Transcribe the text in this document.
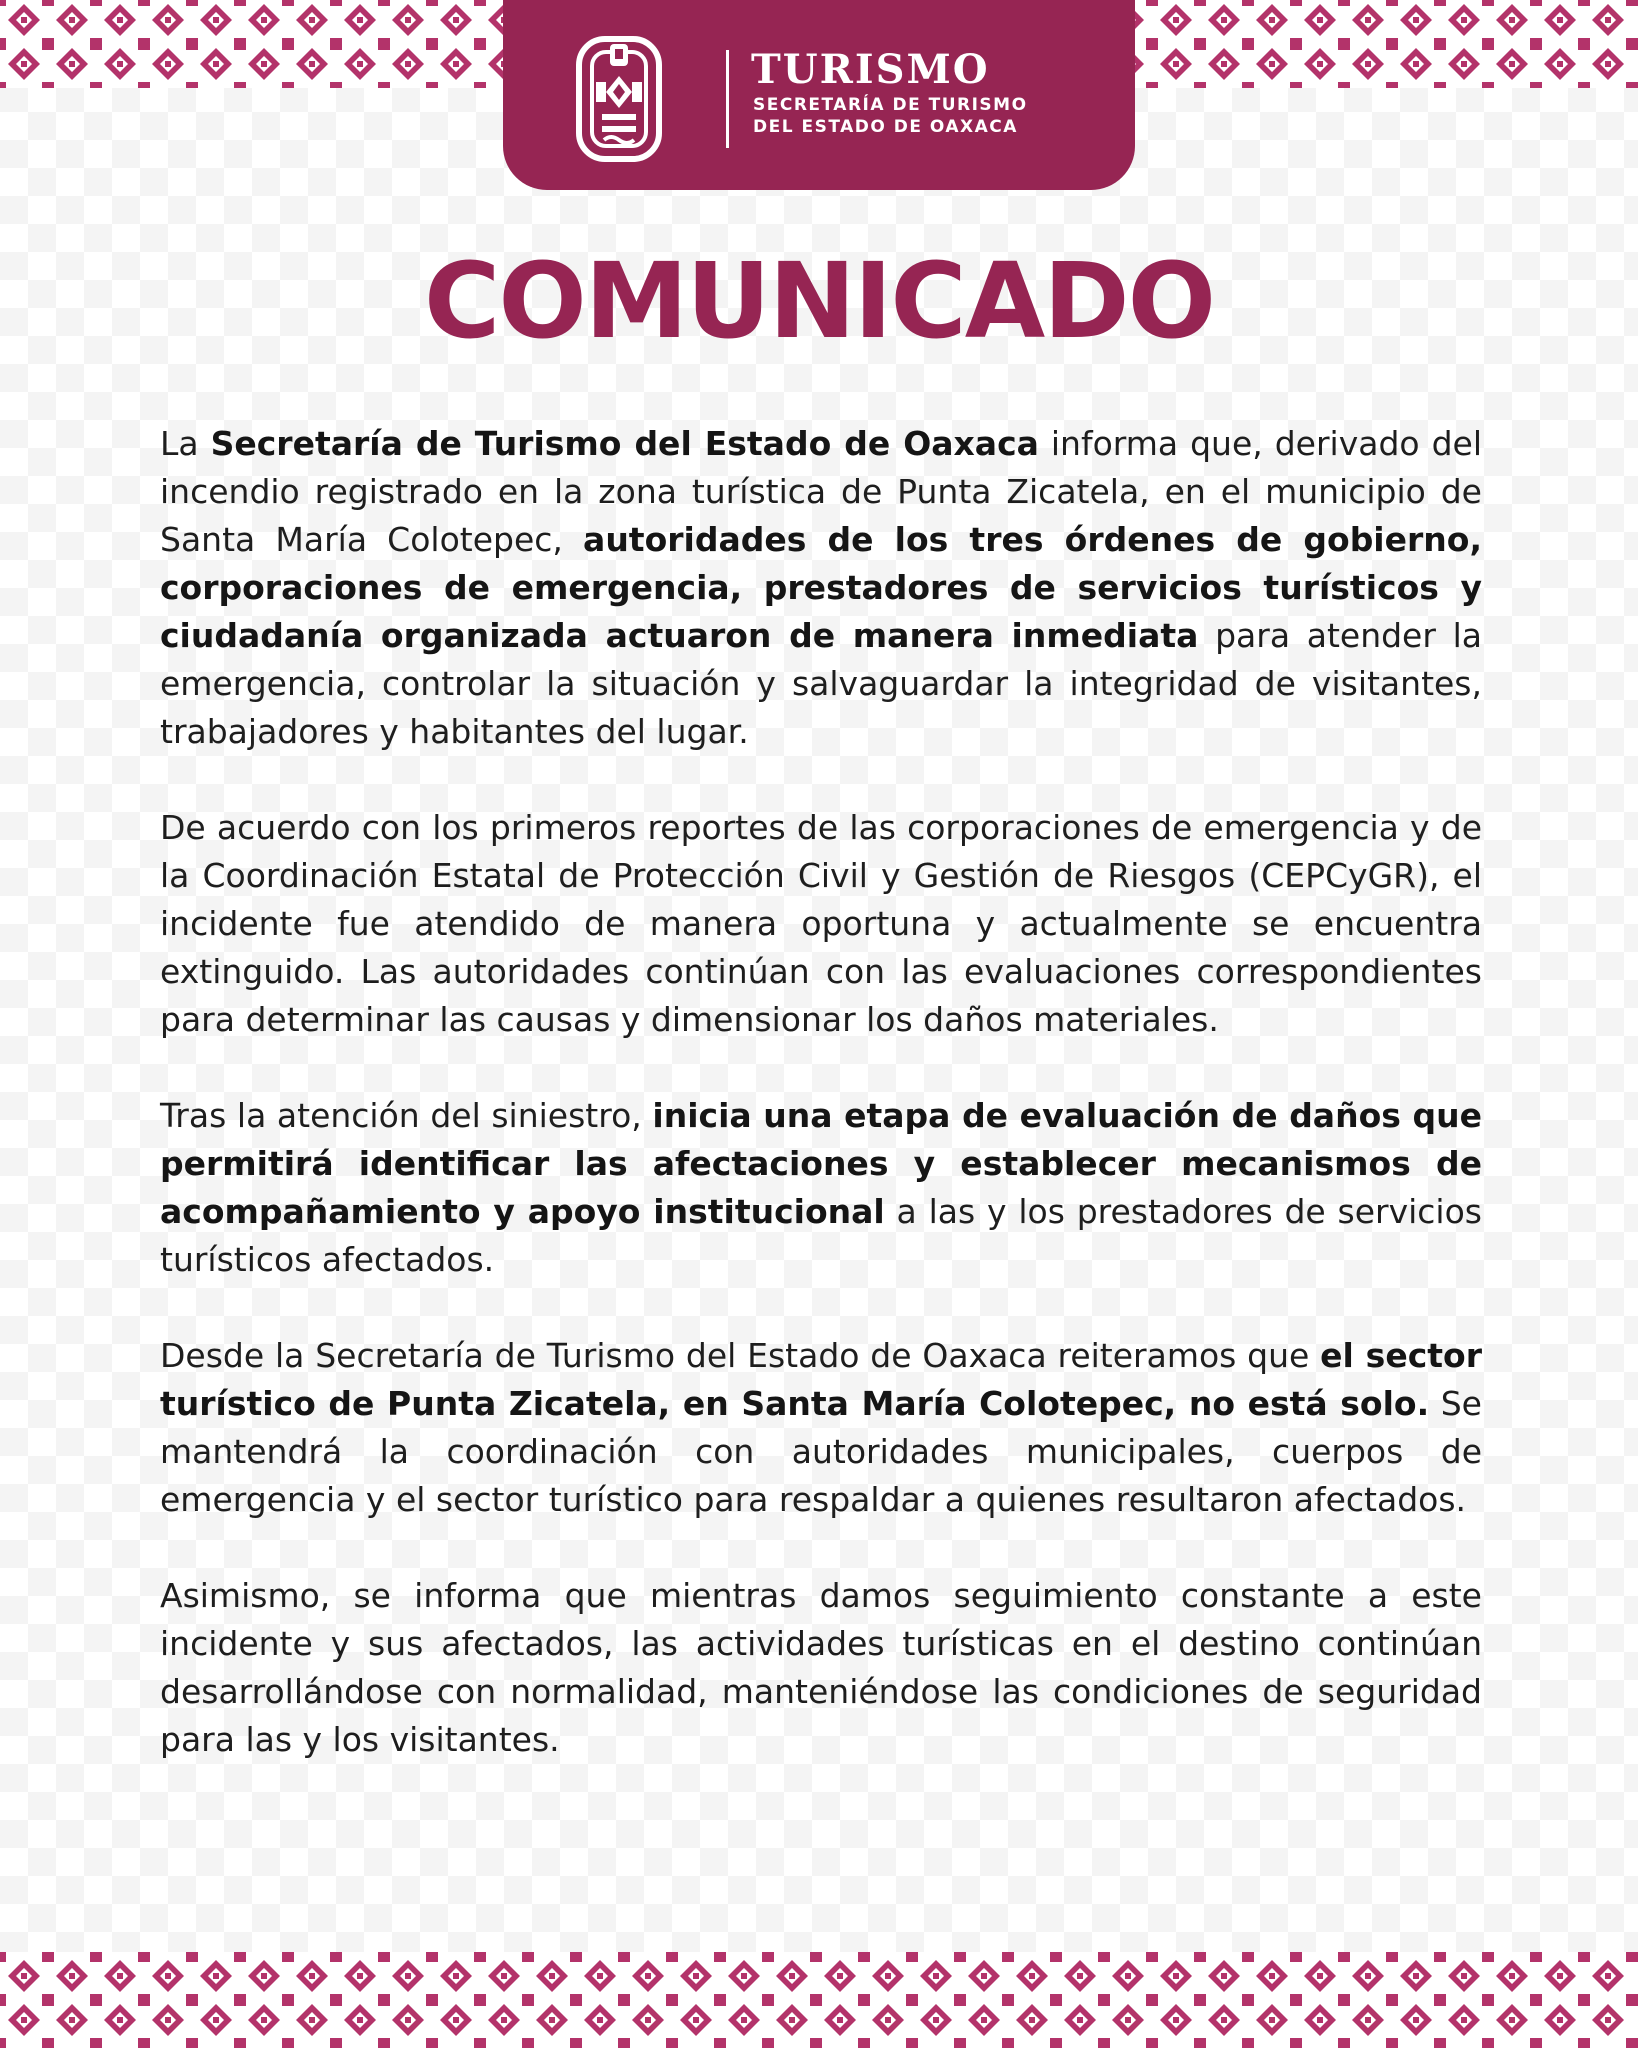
TURISMO
SECRETARÍA DE TURISMO
DEL ESTADO DE OAXACA
COMUNICADO

La Secretaría de Turismo del Estado de Oaxaca informa que, derivado del incendio registrado en la zona turística de Punta Zicatela, en el municipio de Santa María Colotepec, autoridades de los tres órdenes de gobierno, corporaciones de emergencia, prestadores de servicios turísticos y ciudadanía organizada actuaron de manera inmediata para atender la emergencia, controlar la situación y salvaguardar la integridad de visitantes, trabajadores y habitantes del lugar.

De acuerdo con los primeros reportes de las corporaciones de emergencia y de la Coordinación Estatal de Protección Civil y Gestión de Riesgos (CEPCyGR), el incidente fue atendido de manera oportuna y actualmente se encuentra extinguido. Las autoridades continúan con las evaluaciones correspondientes para determinar las causas y dimensionar los daños materiales.

Tras la atención del siniestro, inicia una etapa de evaluación de daños que permitirá identificar las afectaciones y establecer mecanismos de acompañamiento y apoyo institucional a las y los prestadores de servicios turísticos afectados.

Desde la Secretaría de Turismo del Estado de Oaxaca reiteramos que el sector turístico de Punta Zicatela, en Santa María Colotepec, no está solo. Se mantendrá la coordinación con autoridades municipales, cuerpos de emergencia y el sector turístico para respaldar a quienes resultaron afectados.

Asimismo, se informa que mientras damos seguimiento constante a este incidente y sus afectados, las actividades turísticas en el destino continúan desarrollándose con normalidad, manteniéndose las condiciones de seguridad para las y los visitantes.
